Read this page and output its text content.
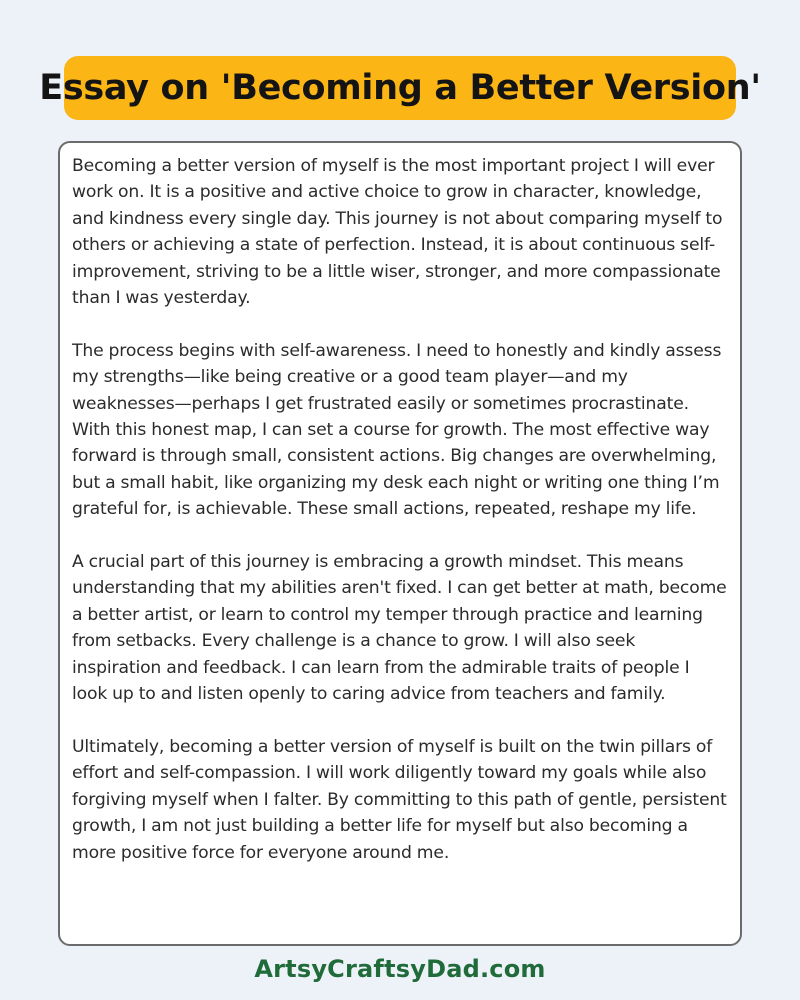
Essay on 'Becoming a Better Version'

Becoming a better version of myself is the most important project I will ever work on. It is a positive and active choice to grow in character, knowledge, and kindness every single day. This journey is not about comparing myself to others or achieving a state of perfection. Instead, it is about continuous self-improvement, striving to be a little wiser, stronger, and more compassionate than I was yesterday.

The process begins with self-awareness. I need to honestly and kindly assess my strengths—like being creative or a good team player—and my weaknesses—perhaps I get frustrated easily or sometimes procrastinate. With this honest map, I can set a course for growth. The most effective way forward is through small, consistent actions. Big changes are overwhelming, but a small habit, like organizing my desk each night or writing one thing I’m grateful for, is achievable. These small actions, repeated, reshape my life.

A crucial part of this journey is embracing a growth mindset. This means understanding that my abilities aren't fixed. I can get better at math, become a better artist, or learn to control my temper through practice and learning from setbacks. Every challenge is a chance to grow. I will also seek inspiration and feedback. I can learn from the admirable traits of people I look up to and listen openly to caring advice from teachers and family.

Ultimately, becoming a better version of myself is built on the twin pillars of effort and self-compassion. I will work diligently toward my goals while also forgiving myself when I falter. By committing to this path of gentle, persistent growth, I am not just building a better life for myself but also becoming a more positive force for everyone around me.

ArtsyCraftsyDad.com
